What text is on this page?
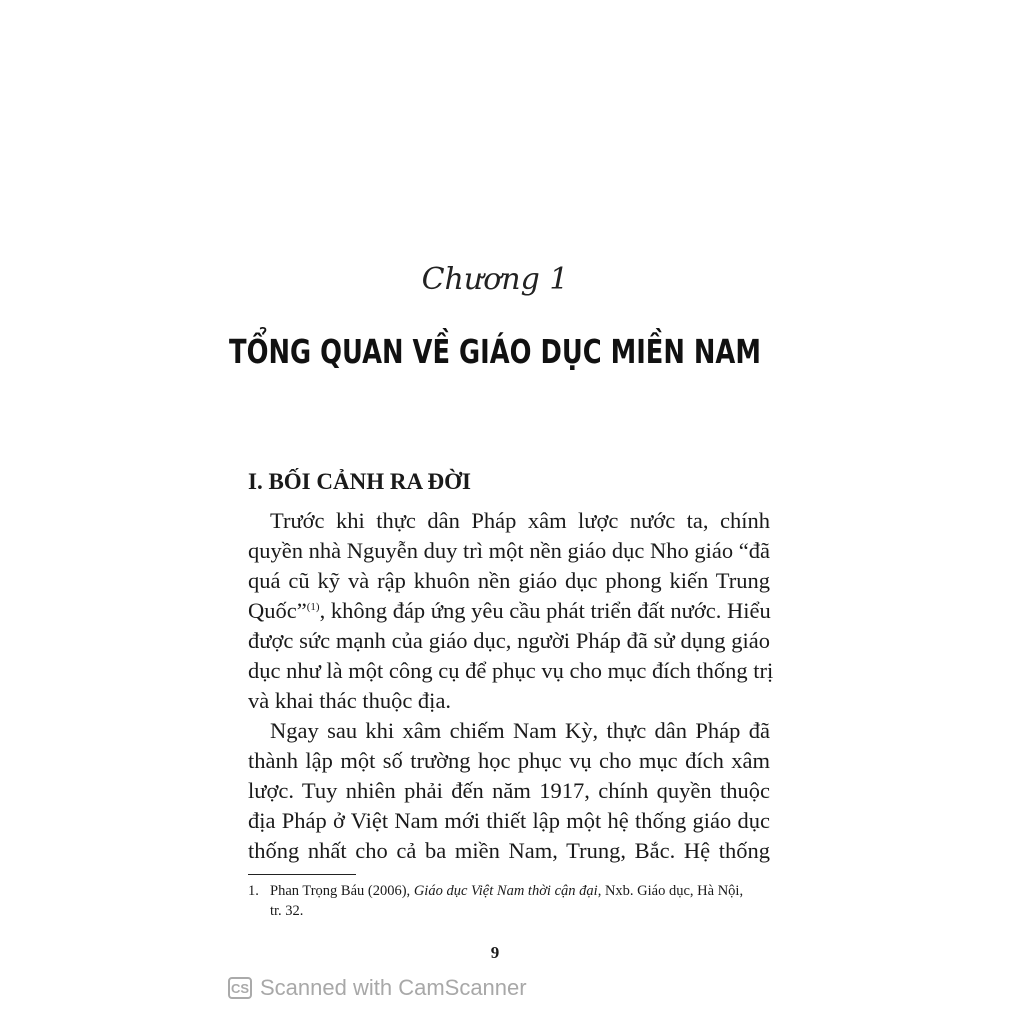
Chương 1
TỔNG QUAN VỀ GIÁO DỤC MIỀN NAM
I. BỐI CẢNH RA ĐỜI
Trước khi thực dân Pháp xâm lược nước ta, chính
quyền nhà Nguyễn duy trì một nền giáo dục Nho giáo “đã
quá cũ kỹ và rập khuôn nền giáo dục phong kiến Trung
Quốc”$^{(1)}$, không đáp ứng yêu cầu phát triển đất nước. Hiểu
được sức mạnh của giáo dục, người Pháp đã sử dụng giáo
dục như là một công cụ để phục vụ cho mục đích thống trị
và khai thác thuộc địa.
Ngay sau khi xâm chiếm Nam Kỳ, thực dân Pháp đã
thành lập một số trường học phục vụ cho mục đích xâm
lược. Tuy nhiên phải đến năm 1917, chính quyền thuộc
địa Pháp ở Việt Nam mới thiết lập một hệ thống giáo dục
thống nhất cho cả ba miền Nam, Trung, Bắc. Hệ thống
1. Phan Trọng Báu (2006), Giáo dục Việt Nam thời cận đại, Nxb. Giáo dục, Hà Nội,
tr. 32.
9
CS Scanned with CamScanner
